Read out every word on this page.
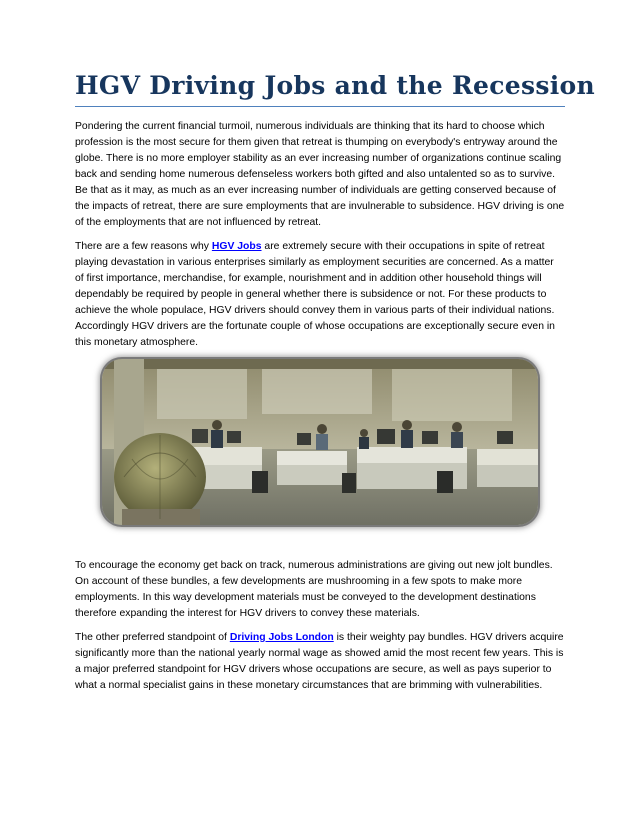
HGV Driving Jobs and the Recession

Pondering the current financial turmoil, numerous individuals are thinking that its hard to choose which profession is the most secure for them given that retreat is thumping on everybody's entryway around the globe. There is no more employer stability as an ever increasing number of organizations continue scaling back and sending home numerous defenseless workers both gifted and also untalented so as to survive. Be that as it may, as much as an ever increasing number of individuals are getting conserved because of the impacts of retreat, there are sure employments that are invulnerable to subsidence. HGV driving is one of the employments that are not influenced by retreat.

There are a few reasons why HGV Jobs are extremely secure with their occupations in spite of retreat playing devastation in various enterprises similarly as employment securities are concerned. As a matter of first importance, merchandise, for example, nourishment and in addition other household things will dependably be required by people in general whether there is subsidence or not. For these products to achieve the whole populace, HGV drivers should convey them in various parts of their individual nations. Accordingly HGV drivers are the fortunate couple of whose occupations are exceptionally secure even in this monetary atmosphere.

To encourage the economy get back on track, numerous administrations are giving out new jolt bundles. On account of these bundles, a few developments are mushrooming in a few spots to make more employments. In this way development materials must be conveyed to the development destinations therefore expanding the interest for HGV drivers to convey these materials.

The other preferred standpoint of Driving Jobs London is their weighty pay bundles. HGV drivers acquire significantly more than the national yearly normal wage as showed amid the most recent few years. This is a major preferred standpoint for HGV drivers whose occupations are secure, as well as pays superior to what a normal specialist gains in these monetary circumstances that are brimming with vulnerabilities.
